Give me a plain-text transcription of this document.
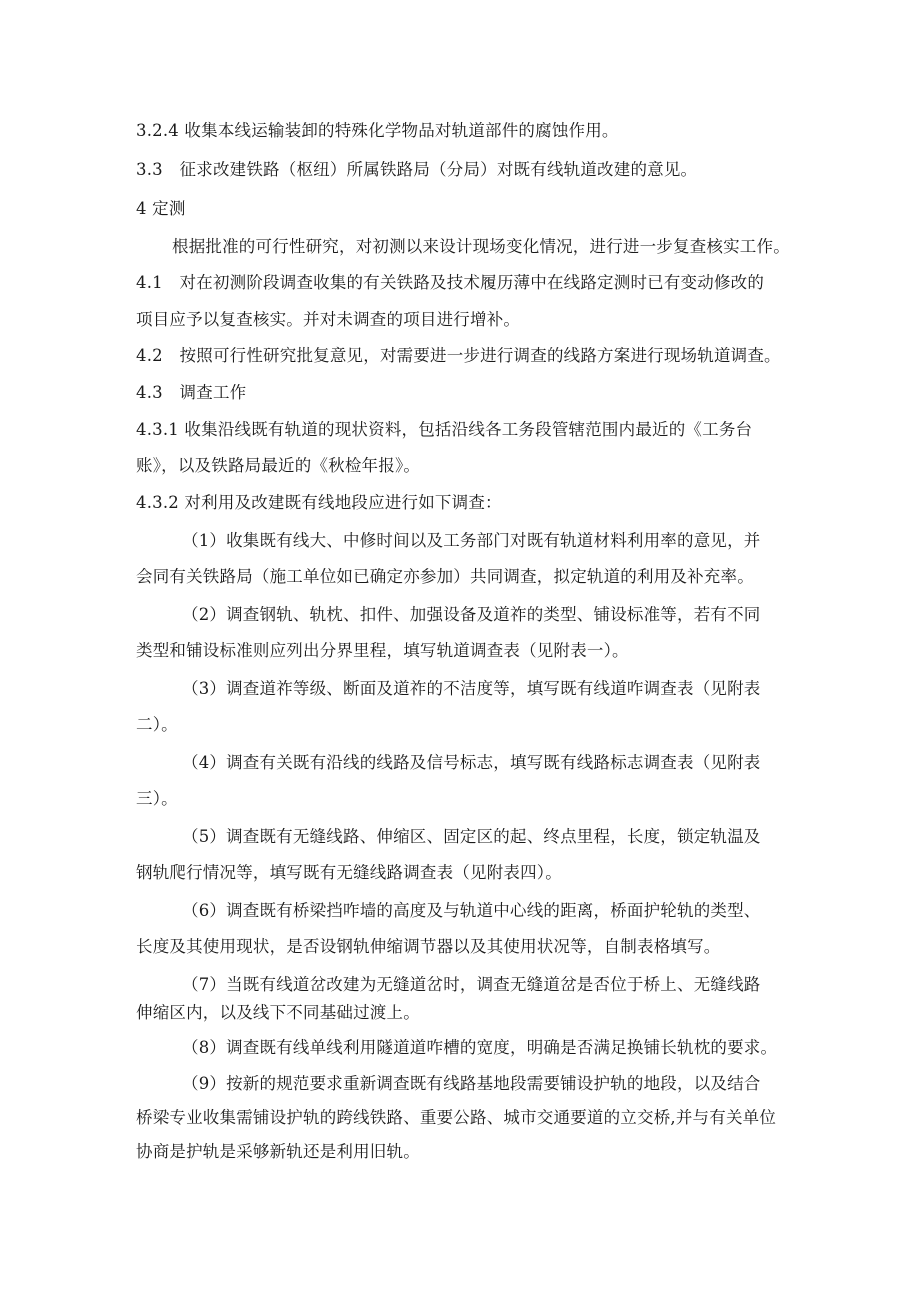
3.2.4 收集本线运输装卸的特殊化学物品对轨道部件的腐蚀作用。
3.3　征求改建铁路（枢纽）所属铁路局（分局）对既有线轨道改建的意见。
4 定测
根据批准的可行性研究，对初测以来设计现场变化情况，进行进一步复查核实工作。
4.1　对在初测阶段调查收集的有关铁路及技术履历薄中在线路定测时已有变动修改的
项目应予以复查核实。并对未调查的项目进行增补。
4.2　按照可行性研究批复意见，对需要进一步进行调查的线路方案进行现场轨道调查。
4.3　调查工作
4.3.1 收集沿线既有轨道的现状资料，包括沿线各工务段管辖范围内最近的《工务台
账》，以及铁路局最近的《秋检年报》。
4.3.2 对利用及改建既有线地段应进行如下调查：
（1）收集既有线大、中修时间以及工务部门对既有轨道材料利用率的意见，并
会同有关铁路局（施工单位如已确定亦参加）共同调查，拟定轨道的利用及补充率。
（2）调查钢轨、轨枕、扣件、加强设备及道祚的类型、铺设标准等，若有不同
类型和铺设标准则应列出分界里程，填写轨道调查表（见附表一）。
（3）调查道祚等级、断面及道祚的不洁度等，填写既有线道咋调查表（见附表
二）。
（4）调查有关既有沿线的线路及信号标志，填写既有线路标志调查表（见附表
三）。
（5）调查既有无缝线路、伸缩区、固定区的起、终点里程，长度，锁定轨温及
钢轨爬行情况等，填写既有无缝线路调查表（见附表四）。
（6）调查既有桥梁挡咋墙的高度及与轨道中心线的距离，桥面护轮轨的类型、
长度及其使用现状，是否设钢轨伸缩调节器以及其使用状况等，自制表格填写。
（7）当既有线道岔改建为无缝道岔时，调查无缝道岔是否位于桥上、无缝线路
伸缩区内，以及线下不同基础过渡上。
（8）调查既有线单线利用隧道道咋槽的宽度，明确是否满足换铺长轨枕的要求。
（9）按新的规范要求重新调查既有线路基地段需要铺设护轨的地段，以及结合
桥梁专业收集需铺设护轨的跨线铁路、重要公路、城市交通要道的立交桥,并与有关单位
协商是护轨是采够新轨还是利用旧轨。
